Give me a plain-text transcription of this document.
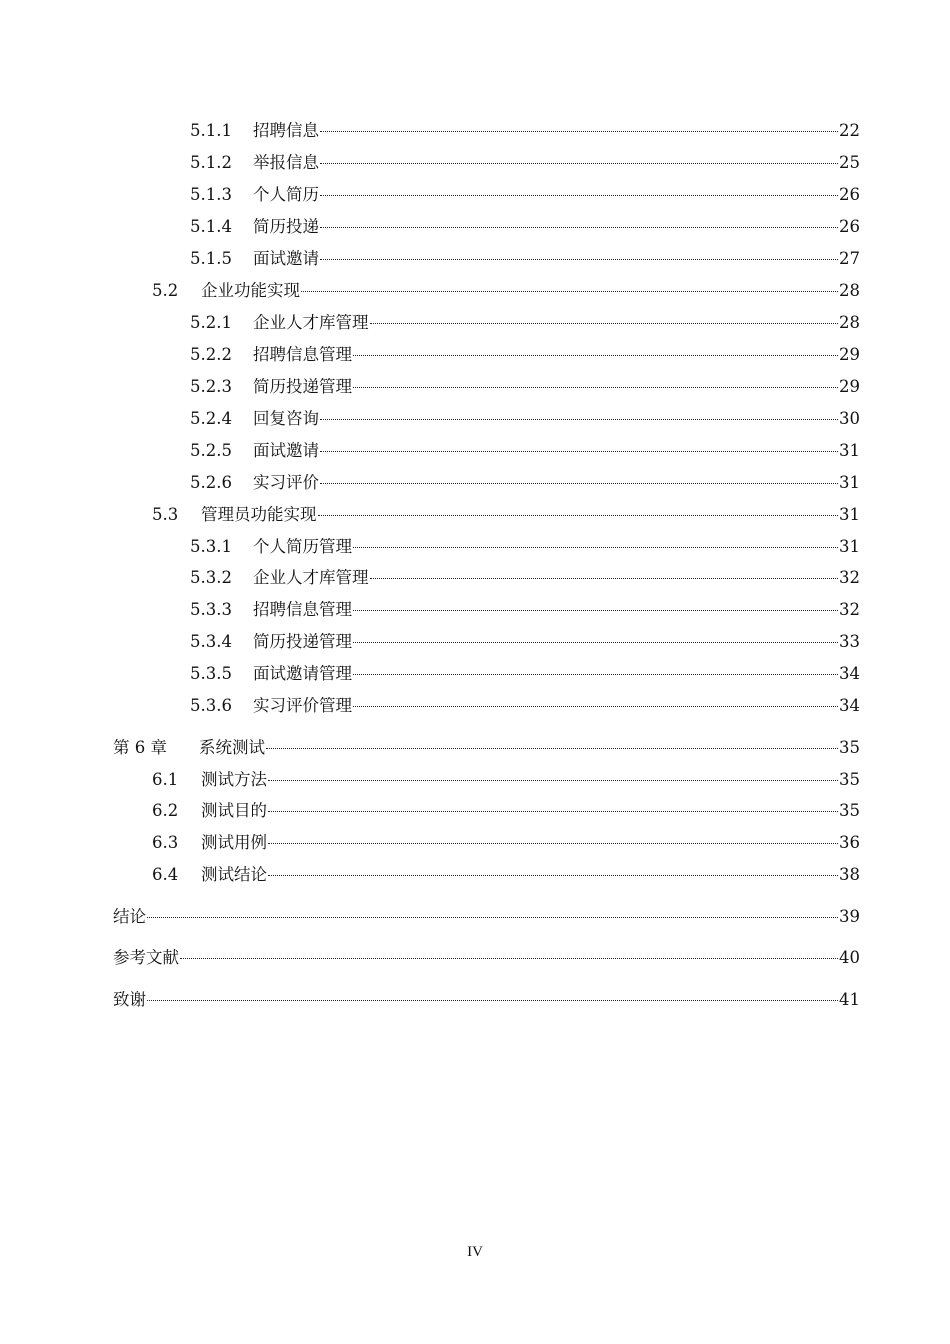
5.1.1	招聘信息	22
5.1.2	举报信息	25
5.1.3	个人简历	26
5.1.4	简历投递	26
5.1.5	面试邀请	27
5.2	企业功能实现	28
5.2.1	企业人才库管理	28
5.2.2	招聘信息管理	29
5.2.3	简历投递管理	29
5.2.4	回复咨询	30
5.2.5	面试邀请	31
5.2.6	实习评价	31
5.3	管理员功能实现	31
5.3.1	个人简历管理	31
5.3.2	企业人才库管理	32
5.3.3	招聘信息管理	32
5.3.4	简历投递管理	33
5.3.5	面试邀请管理	34
5.3.6	实习评价管理	34
第 6 章	系统测试	35
6.1	测试方法	35
6.2	测试目的	35
6.3	测试用例	36
6.4	测试结论	38
结论	39
参考文献	40
致谢	41
IV
